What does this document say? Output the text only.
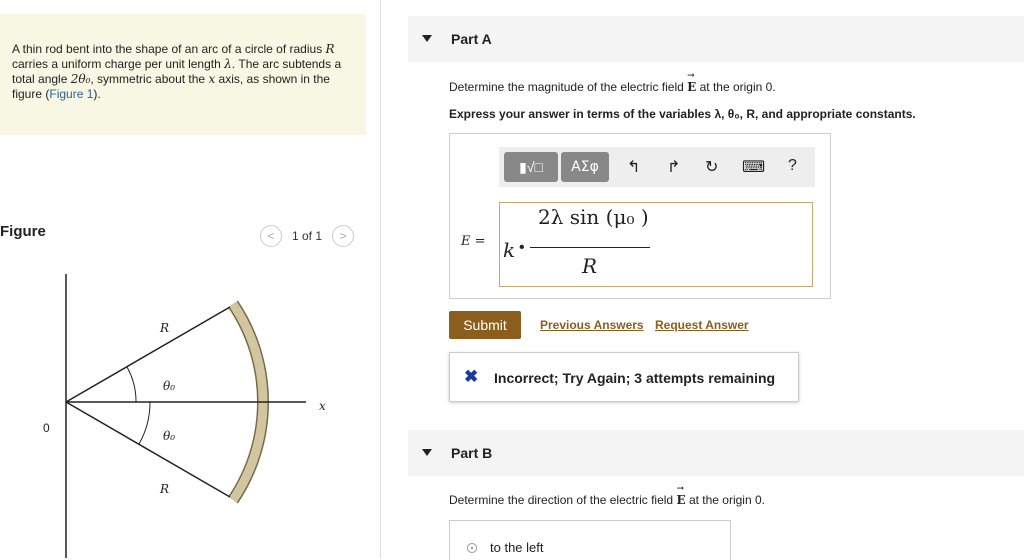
A thin rod bent into the shape of an arc of a circle of radius R carries a uniform charge per unit length λ. The arc subtends a total angle 2θ₀, symmetric about the x axis, as shown in the figure (Figure 1).
Figure	< 1 of 1 >
R
θ₀
θ₀
R
0
x
Part A
Determine the magnitude of the electric field → E at the origin 0.
Express your answer in terms of the variables λ, θ₀, R, and appropriate constants.
▮√□	ΑΣφ	↰ ↱ ↻ ⌨ ?
E = k •
2λ sin (μ₀ )
R
Submit	Previous Answers Request Answer
✖ Incorrect; Try Again; 3 attempts remaining
Part B
Determine the direction of the electric field → E at the origin 0.
to the left
